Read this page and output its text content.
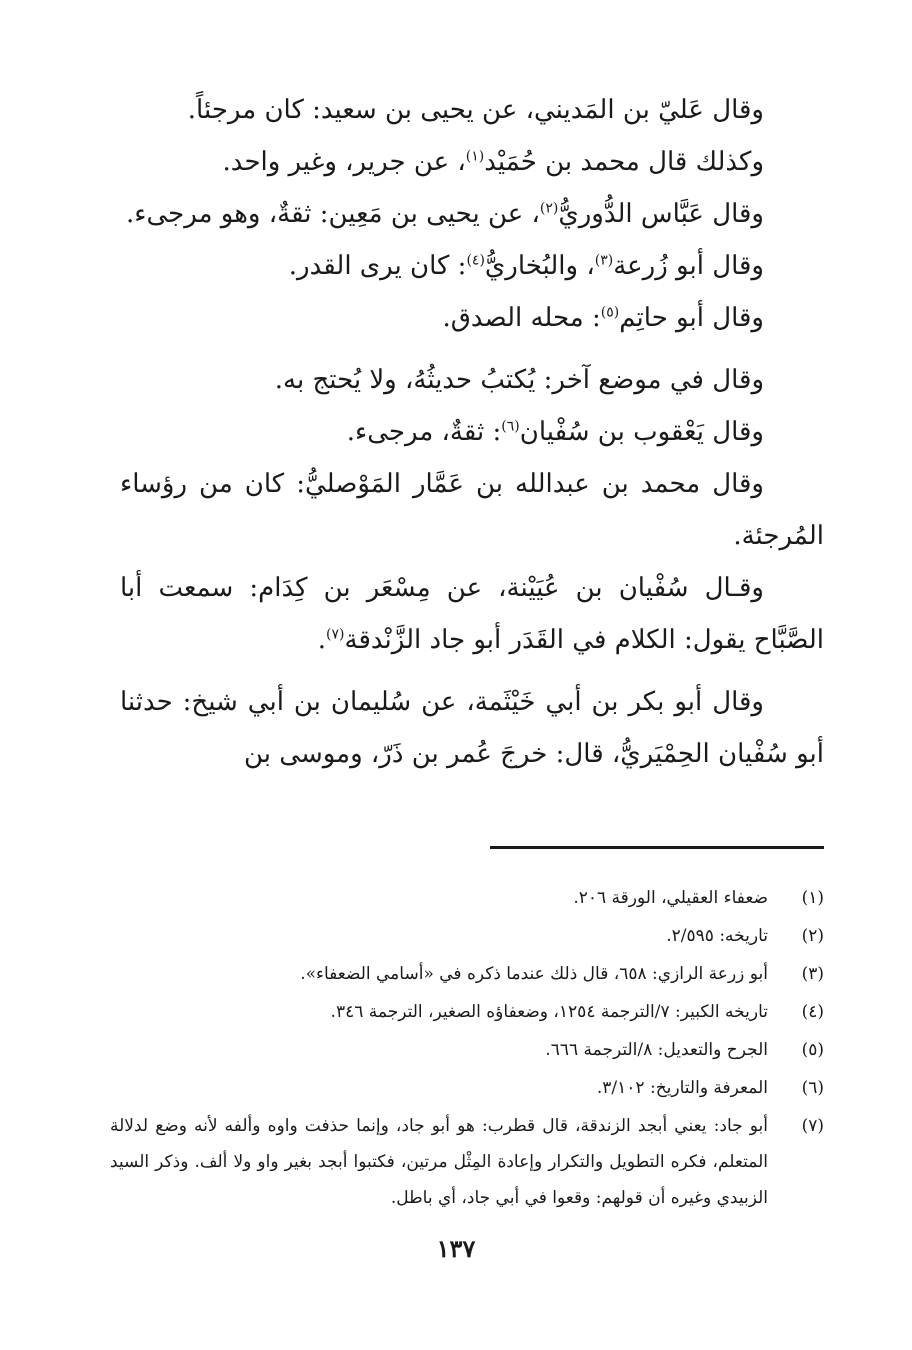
وقال عَليّ بن المَديني، عن يحيى بن سعيد: كان مرجئاً.

وكذلك قال محمد بن حُمَيْد$^{(١)}$، عن جرير، وغير واحد.

وقال عَبَّاس الدُّوريُّ$^{(٢)}$، عن يحيى بن مَعِين: ثقةٌ، وهو مرجىء.

وقال أبو زُرعة$^{(٣)}$، والبُخاريُّ$^{(٤)}$: كان يرى القدر.

وقال أبو حاتِم$^{(٥)}$: محله الصدق.

وقال في موضع آخر: يُكتبُ حديثُهُ، ولا يُحتج به.

وقال يَعْقوب بن سُفْيان$^{(٦)}$: ثقةٌ، مرجىء.

وقال محمد بن عبدالله بن عَمَّار المَوْصليُّ: كان من رؤساء المُرجئة.

وقـال سُفْيان بن عُيَيْنة، عن مِسْعَر بن كِدَام: سمعت أبا الصَّبَّاح يقول: الكلام في القَدَر أبو جاد الزَّنْدقة$^{(٧)}$.

وقال أبو بكر بن أبي خَيْثَمة، عن سُليمان بن أبي شيخ: حدثنا أبو سُفْيان الحِمْيَريُّ، قال: خرجَ عُمر بن ذَرّ، وموسى بن

(١)
ضعفاء العقيلي، الورقة ٢٠٦.
(٢)
تاريخه: ٢/٥٩٥.
(٣)
أبو زرعة الرازي: ٦٥٨، قال ذلك عندما ذكره في «أسامي الضعفاء».
(٤)
تاريخه الكبير: ٧/الترجمة ١٢٥٤، وضعفاؤه الصغير، الترجمة ٣٤٦.
(٥)
الجرح والتعديل: ٨/الترجمة ٦٦٦.
(٦)
المعرفة والتاريخ: ٣/١٠٢.
(٧)
أبو جاد: يعني أبجد الزندقة، قال قطرب: هو أبو جاد، وإنما حذفت واوه وألفه لأنه وضع لدلالة المتعلم، فكره التطويل والتكرار وإعادة المِثْل مرتين، فكتبوا أبجد بغير واو ولا ألف. وذكر السيد الزبيدي وغيره أن قولهم: وقعوا في أبي جاد، أي باطل.
١٣٧
